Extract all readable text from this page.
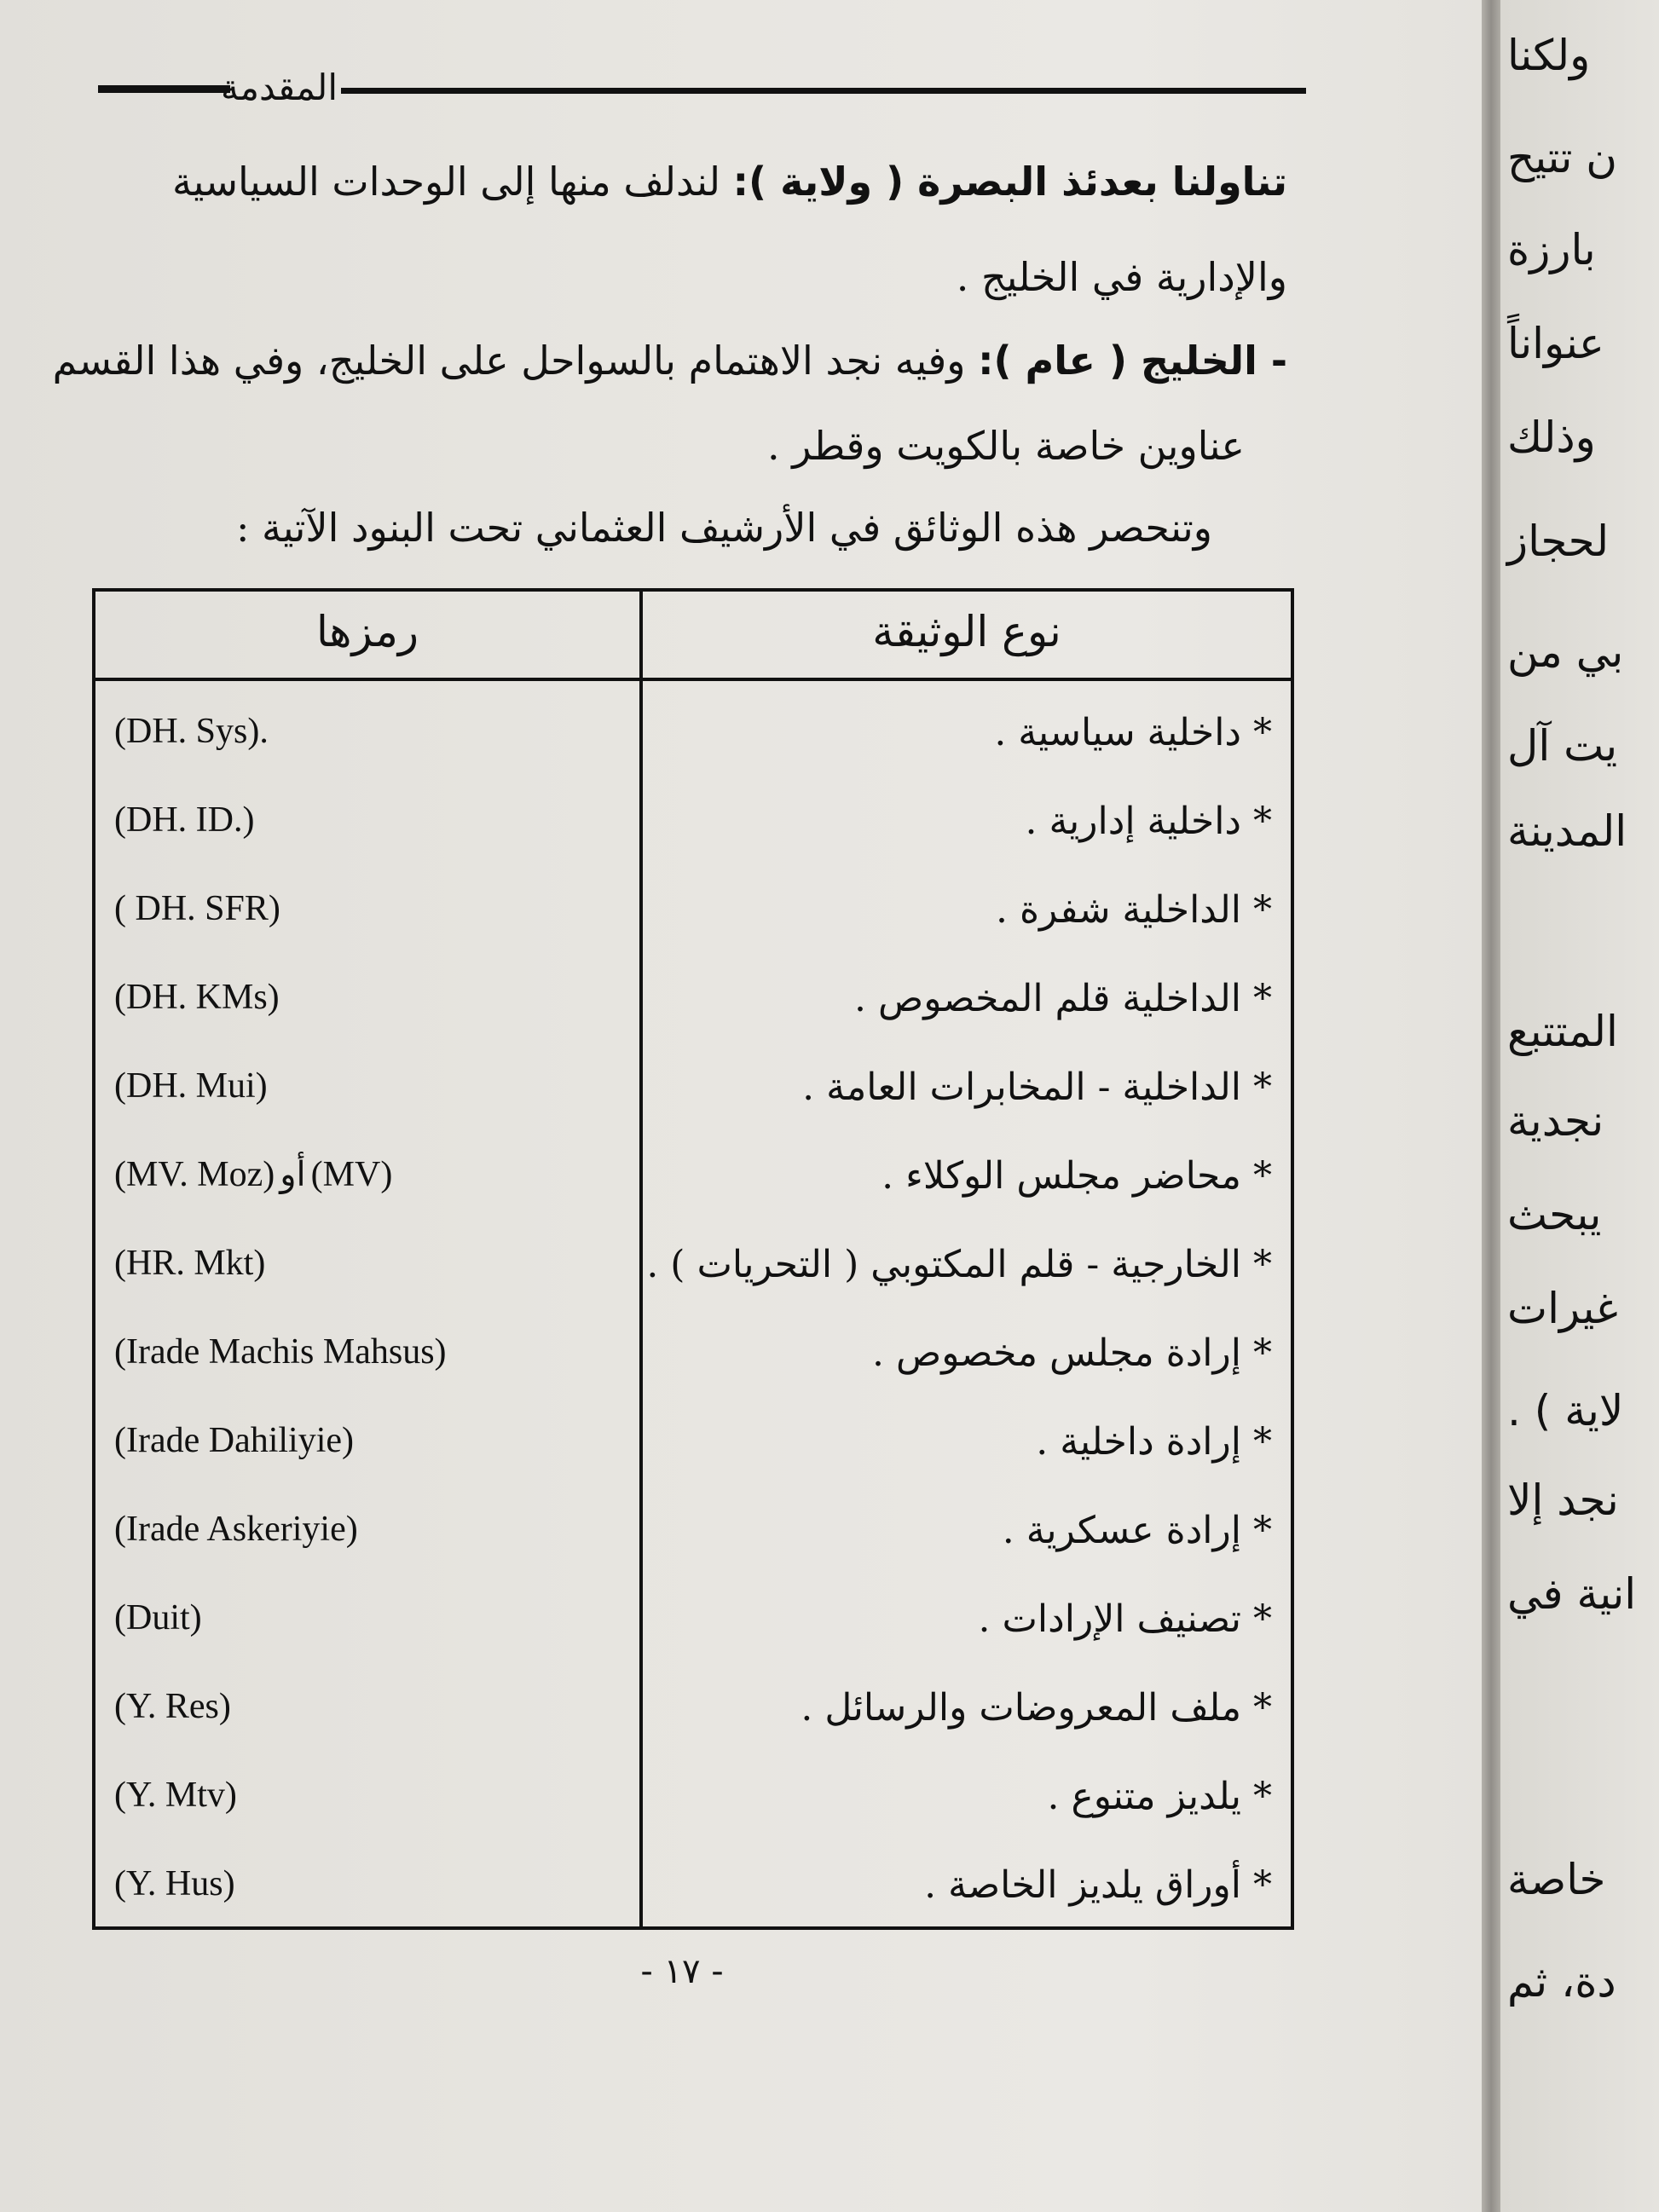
المقدمة
تناولنا بعدئذ البصرة ( ولاية ): لندلف منها إلى الوحدات السياسية
والإدارية في الخليج .
- الخليج ( عام ): وفيه نجد الاهتمام بالسواحل على الخليج، وفي هذا القسم
عناوين خاصة بالكويت وقطر .
وتنحصر هذه الوثائق في الأرشيف العثماني تحت البنود الآتية :
رمزها	نوع الوثيقة
(DH. Sys).	* داخلية سياسية .
(DH. ID.)	* داخلية إدارية .
( DH. SFR)	* الداخلية شفرة .
(DH. KMs)	* الداخلية قلم المخصوص .
(DH. Mui)	* الداخلية - المخابرات العامة .
(MV. Moz) أو (MV)	* محاضر مجلس الوكلاء .
(HR. Mkt)	* الخارجية - قلم المكتوبي ( التحريات ) .
(Irade Machis Mahsus)	* إرادة مجلس مخصوص .
(Irade Dahiliyie)	* إرادة داخلية .
(Irade Askeriyie)	* إرادة عسكرية .
(Duit)	* تصنيف الإرادات .
(Y. Res)	* ملف المعروضات والرسائل .
(Y. Mtv)	* يلديز متنوع .
(Y. Hus)	* أوراق يلديز الخاصة .
- ١٧ -
ولكنا
ن تتيح
بارزة
عنواناً
وذلك
لحجاز
بي من
يت آل
المدينة
المتتبع
نجدية
يبحث
غيرات
لاية ) .
نجد إلا
انية في
خاصة
دة، ثم
